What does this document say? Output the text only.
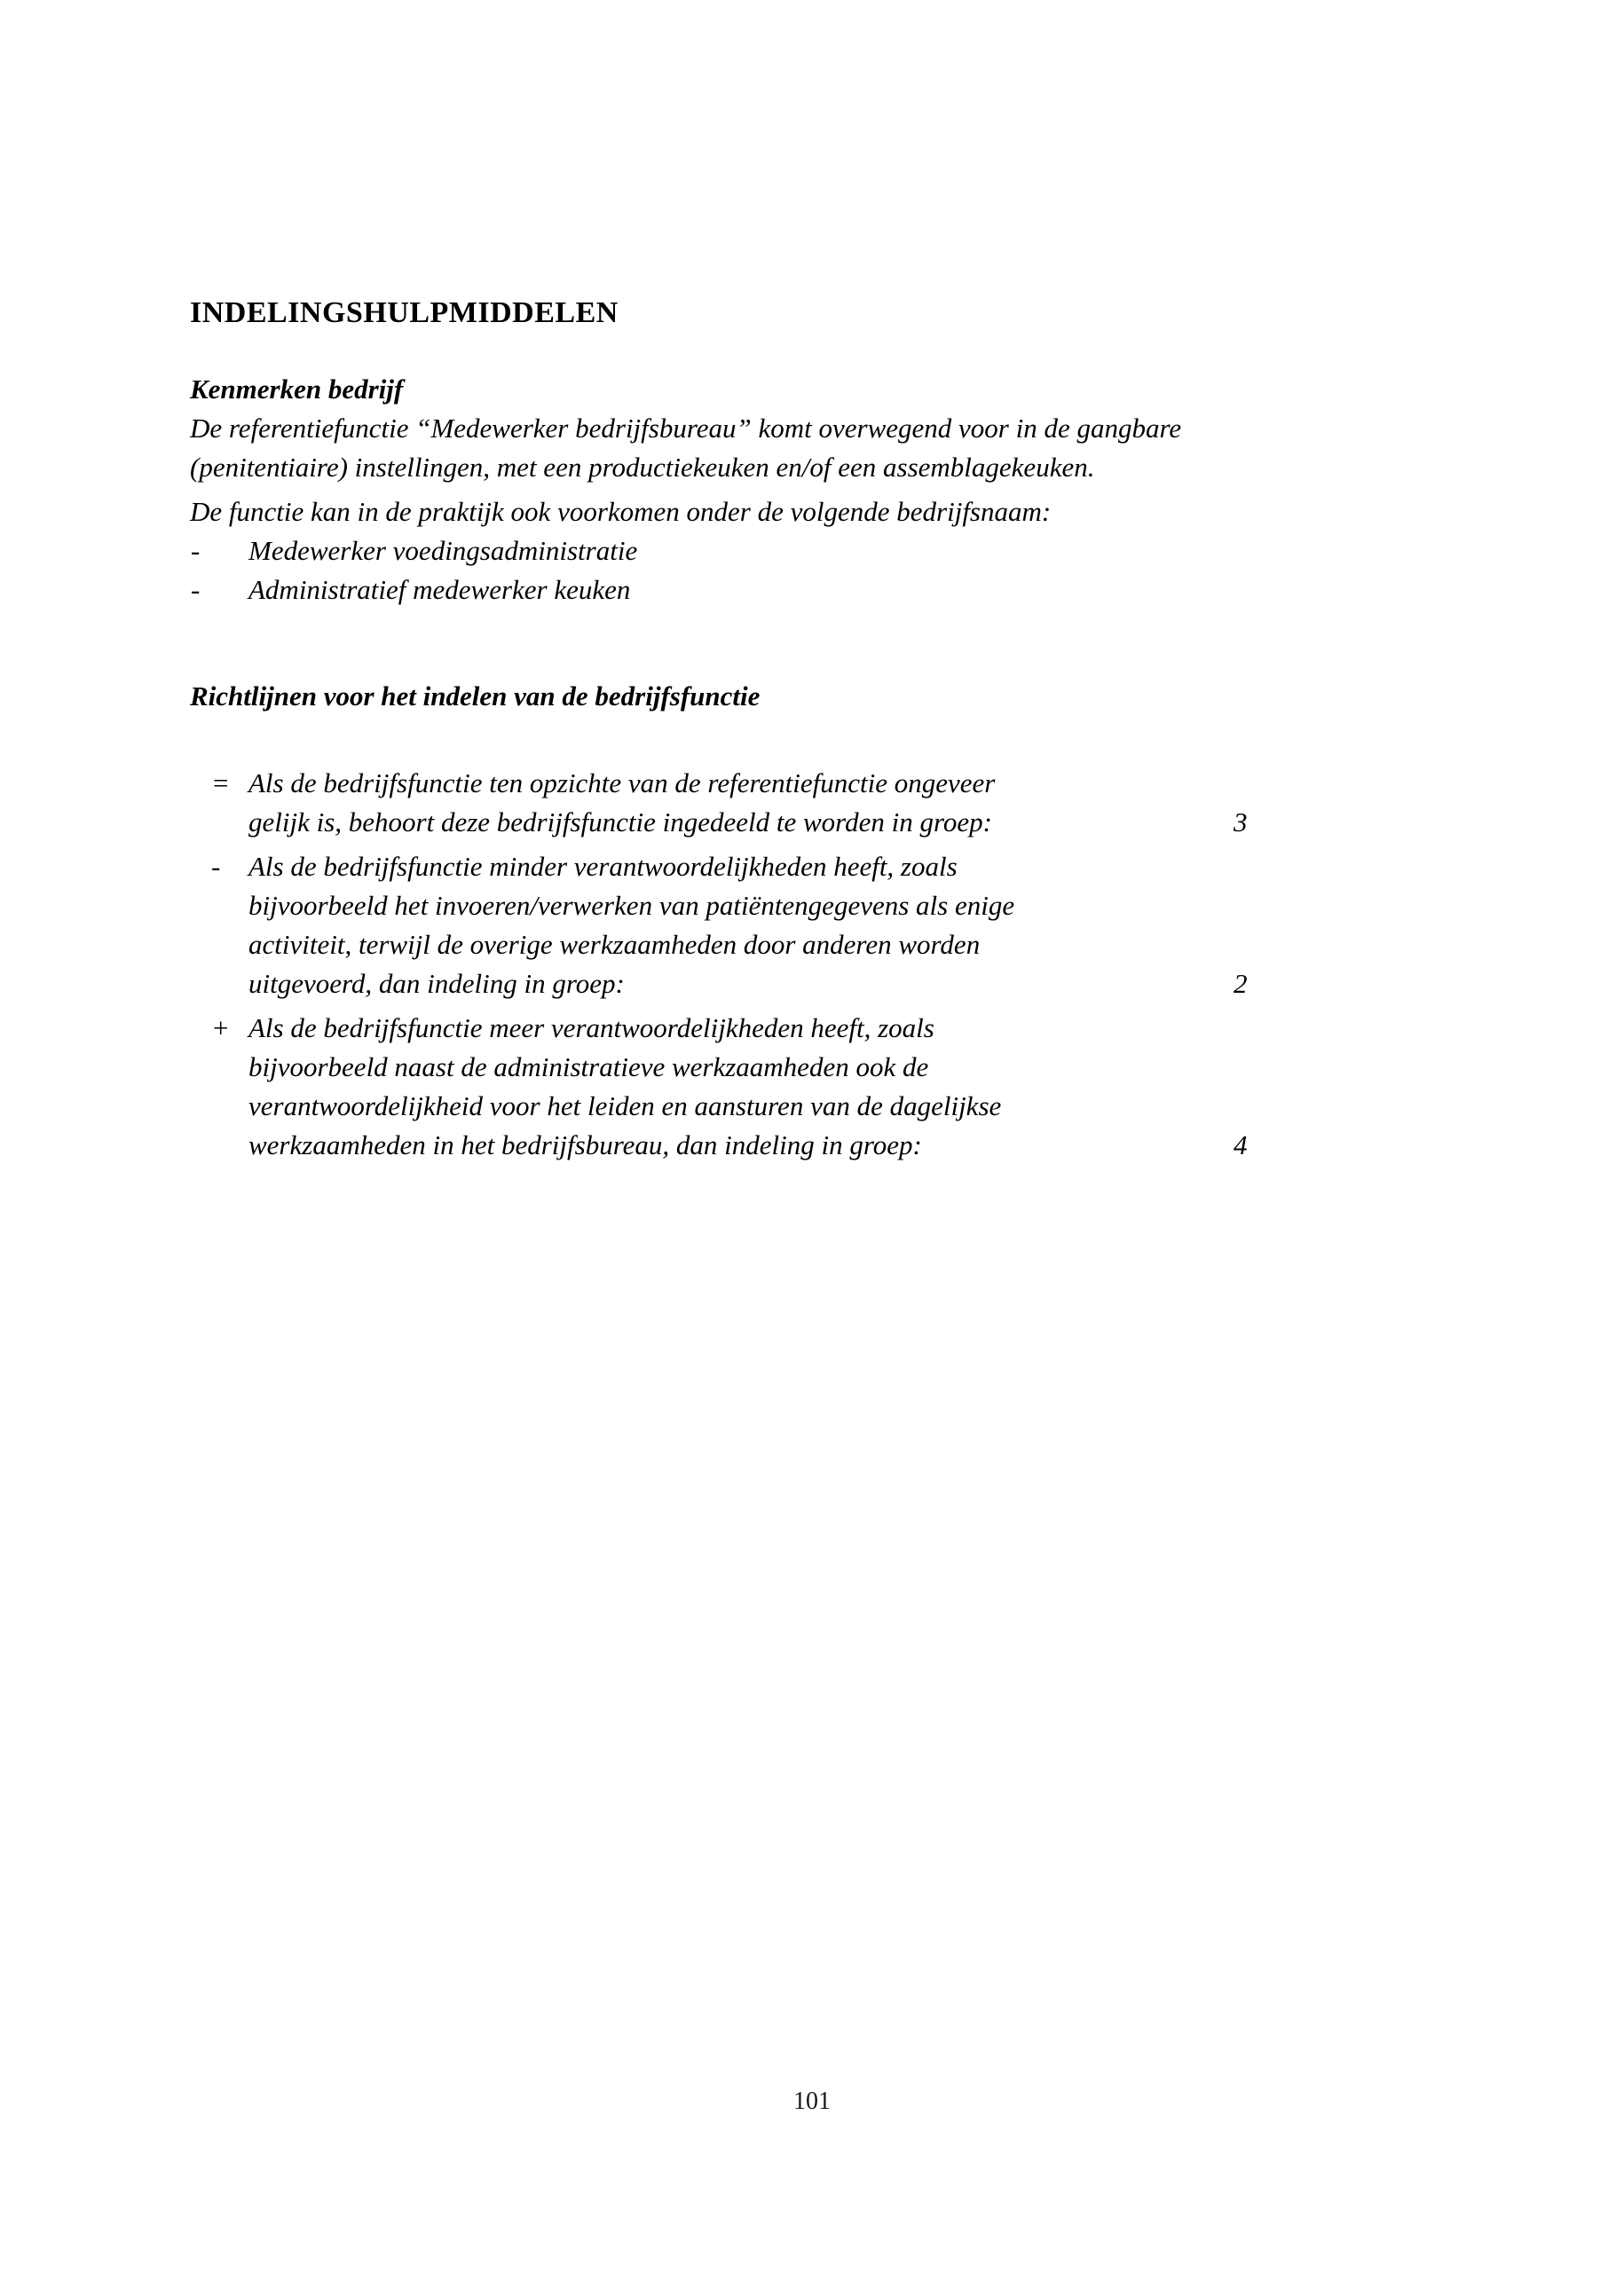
INDELINGSHULPMIDDELEN
Kenmerken bedrijf

De referentiefunctie “Medewerker bedrijfsbureau” komt overwegend voor in de gangbare

(penitentiaire) instellingen, met een productiekeuken en/of een assemblagekeuken.

De functie kan in de praktijk ook voorkomen onder de volgende bedrijfsnaam:

- Medewerker voedingsadministratie
- Administratief medewerker keuken
Richtlijnen voor het indelen van de bedrijfsfunctie
= Als de bedrijfsfunctie ten opzichte van de referentiefunctie ongeveer
gelijk is, behoort deze bedrijfsfunctie ingedeeld te worden in groep:	3
- Als de bedrijfsfunctie minder verantwoordelijkheden heeft, zoals
bijvoorbeeld het invoeren/verwerken van patiëntengegevens als enige
activiteit, terwijl de overige werkzaamheden door anderen worden
uitgevoerd, dan indeling in groep:	2
+ Als de bedrijfsfunctie meer verantwoordelijkheden heeft, zoals
bijvoorbeeld naast de administratieve werkzaamheden ook de
verantwoordelijkheid voor het leiden en aansturen van de dagelijkse
werkzaamheden in het bedrijfsbureau, dan indeling in groep:	4
101
